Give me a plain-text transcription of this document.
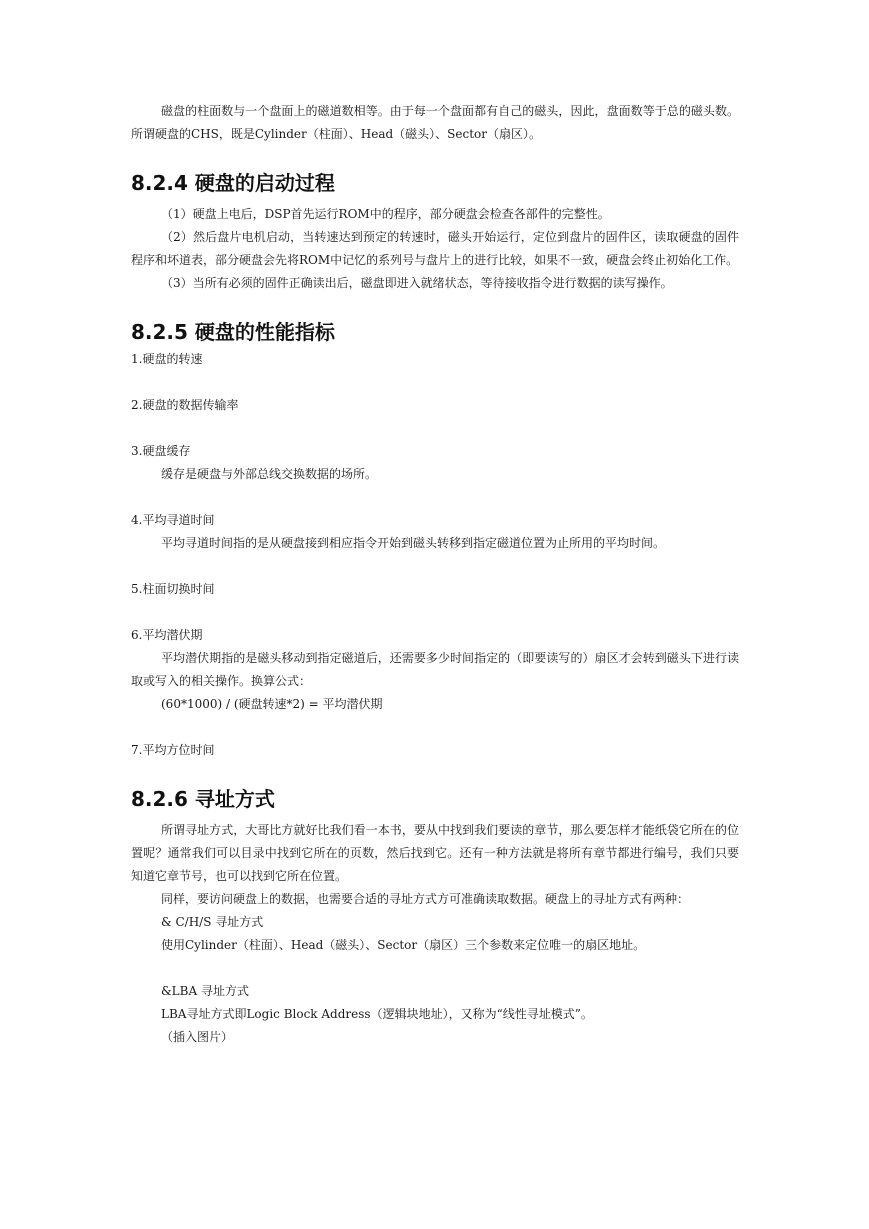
磁盘的柱面数与一个盘面上的磁道数相等。由于每一个盘面都有自己的磁头，因此，盘面数等于总的磁头数。所谓硬盘的CHS，既是Cylinder（柱面）、Head（磁头）、Sector（扇区）。

8.2.4 硬盘的启动过程

（1）硬盘上电后，DSP首先运行ROM中的程序，部分硬盘会检查各部件的完整性。

（2）然后盘片电机启动，当转速达到预定的转速时，磁头开始运行，定位到盘片的固件区，读取硬盘的固件程序和坏道表，部分硬盘会先将ROM中记忆的系列号与盘片上的进行比较，如果不一致，硬盘会终止初始化工作。

（3）当所有必须的固件正确读出后，磁盘即进入就绪状态，等待接收指令进行数据的读写操作。

8.2.5 硬盘的性能指标

1.硬盘的转速

2.硬盘的数据传输率

3.硬盘缓存

缓存是硬盘与外部总线交换数据的场所。

4.平均寻道时间

平均寻道时间指的是从硬盘接到相应指令开始到磁头转移到指定磁道位置为止所用的平均时间。

5.柱面切换时间

6.平均潜伏期

平均潜伏期指的是磁头移动到指定磁道后，还需要多少时间指定的（即要读写的）扇区才会转到磁头下进行读取或写入的相关操作。换算公式：

(60*1000) / (硬盘转速*2) = 平均潜伏期

7.平均方位时间

8.2.6 寻址方式

所谓寻址方式，大哥比方就好比我们看一本书，要从中找到我们要读的章节，那么要怎样才能纸袋它所在的位置呢？通常我们可以目录中找到它所在的页数，然后找到它。还有一种方法就是将所有章节都进行编号，我们只要知道它章节号，也可以找到它所在位置。

同样，要访问硬盘上的数据，也需要合适的寻址方式方可准确读取数据。硬盘上的寻址方式有两种：

& C/H/S 寻址方式

使用Cylinder（柱面）、Head（磁头）、Sector（扇区）三个参数来定位唯一的扇区地址。

&LBA 寻址方式

LBA寻址方式即Logic Block Address（逻辑块地址），又称为“线性寻址模式”。

（插入图片）
